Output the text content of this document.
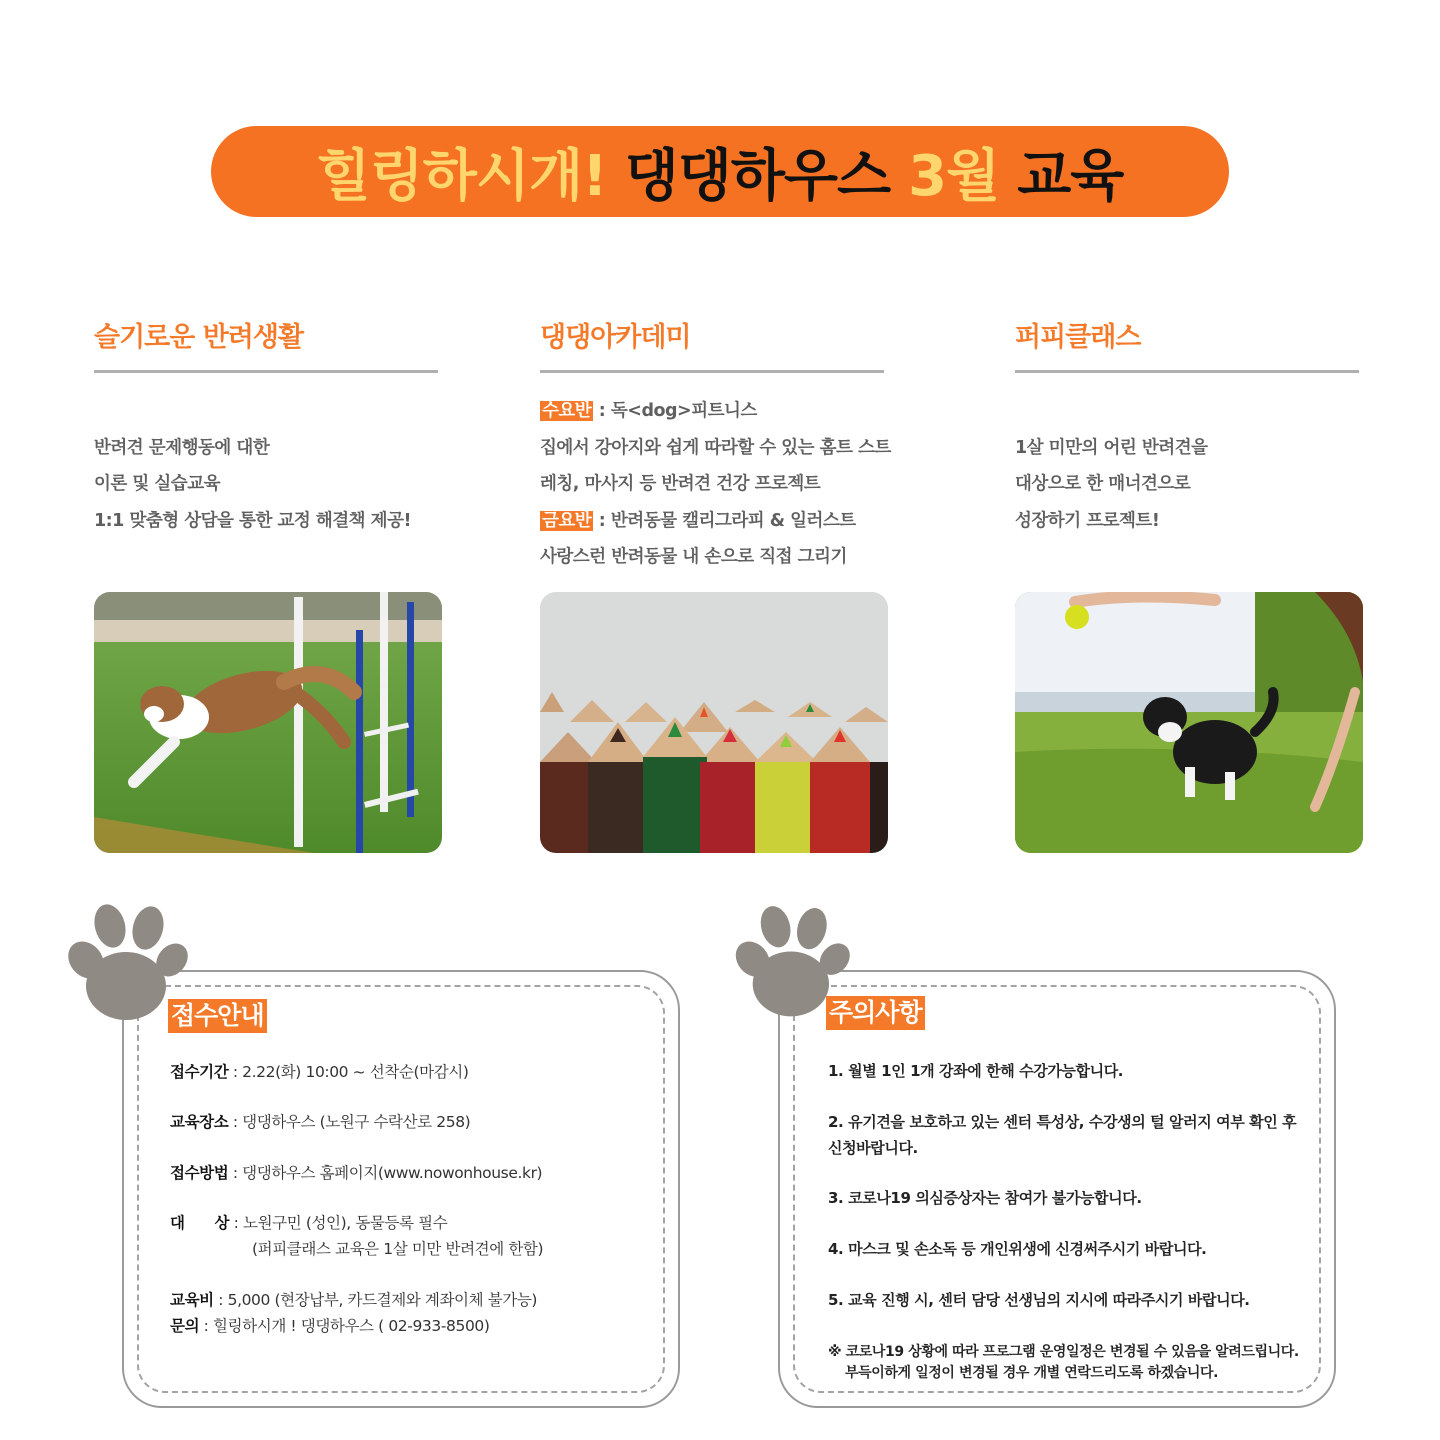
힐링하시개! 댕댕하우스 3월 교육
슬기로운 반려생활

반려견 문제행동에 대한

이론 및 실습교육

1:1 맞춤형 상담을 통한 교정 해결책 제공!

댕댕아카데미

수요반 : 독<dog>피트니스

집에서 강아지와 쉽게 따라할 수 있는 홈트 스트

레칭, 마사지 등 반려견 건강 프로젝트

금요반 : 반려동물 캘리그라피 & 일러스트

사랑스런 반려동물 내 손으로 직접 그리기

퍼피클래스

1살 미만의 어린 반려견을

대상으로 한 매너견으로

성장하기 프로젝트!

접수안내
접수기간 : 2.22(화) 10:00 ~ 선착순(마감시)
교육장소 : 댕댕하우스 (노원구 수락산로 258)
접수방법 : 댕댕하우스 홈페이지(www.nowonhouse.kr)
대      상 : 노원구민 (성인), 동물등록 필수
(퍼피클래스 교육은 1살 미만 반려견에 한함)
교육비 : 5,000 (현장납부, 카드결제와 계좌이체 불가능)
문의 : 힐링하시개 ! 댕댕하우스 ( 02-933-8500)
주의사항
1. 월별 1인 1개 강좌에 한해 수강가능합니다.
2. 유기견을 보호하고 있는 센터 특성상, 수강생의 털 알러지 여부 확인 후
신청바랍니다.
3. 코로나19 의심증상자는 참여가 불가능합니다.
4. 마스크 및 손소독 등 개인위생에 신경써주시기 바랍니다.
5. 교육 진행 시, 센터 담당 선생님의 지시에 따라주시기 바랍니다.
※ 코로나19 상황에 따라 프로그램 운영일정은 변경될 수 있음을 알려드립니다.
부득이하게 일정이 변경될 경우 개별 연락드리도록 하겠습니다.
